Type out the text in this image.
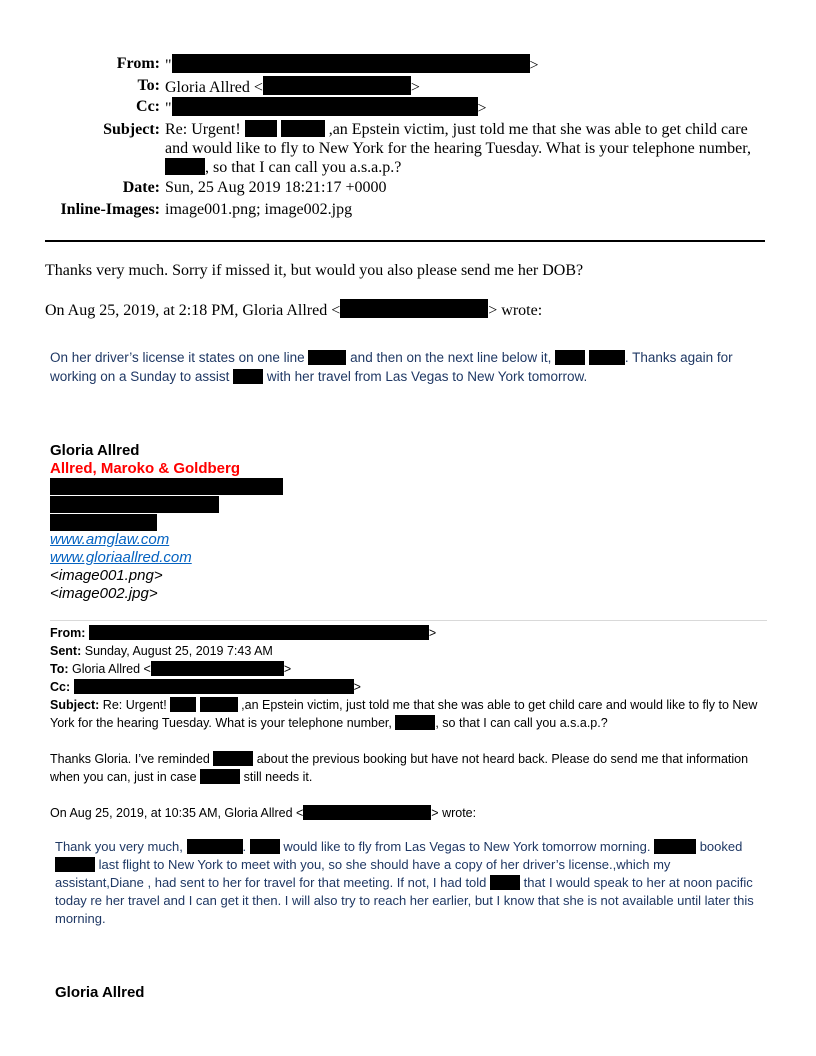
From: "	>
To: Gloria Allred <	>
Cc: "	>
Subject: Re: Urgent!	,an Epstein victim, just told me that she was able to get child care and would like to fly to New York for the hearing Tuesday. What is your telephone number, , so that I can call you a.s.a.p.?
Date: Sun, 25 Aug 2019 18:21:17 +0000
Inline-Images: image001.png; image002.jpg
Thanks very much. Sorry if missed it, but would you also please send me her DOB?
On Aug 25, 2019, at 2:18 PM, Gloria Allred <	> wrote:
On her driver’s license it states on one line	and then on the next line below it,	. Thanks again for
working on a Sunday to assist	with her travel from Las Vegas to New York tomorrow.
Gloria Allred
Allred, Maroko & Goldberg
www.amglaw.com
www.gloriaallred.com
<image001.png>
<image002.jpg>
From:	>
Sent: Sunday, August 25, 2019 7:43 AM
To: Gloria Allred <	>
Cc:	>
Subject: Re: Urgent!	,an Epstein victim, just told me that she was able to get child care and would like to fly to New York for the hearing Tuesday. What is your telephone number,	, so that I can call you a.s.a.p.?
Thanks Gloria. I’ve reminded	about the previous booking but have not heard back. Please do send me that information when you can, just in case	still needs it.
On Aug 25, 2019, at 10:35 AM, Gloria Allred <	> wrote:
Thank you very much,	.	would like to fly from Las Vegas to New York tomorrow morning.	booked  last flight to New York to meet with you, so she should have a copy of her driver’s license.,which my assistant,Diane , had sent to her for travel for that meeting. If not, I had told	that I would speak to her at noon pacific today re her travel and I can get it then. I will also try to reach her earlier, but I know that she is not available until later this morning.
Gloria Allred
